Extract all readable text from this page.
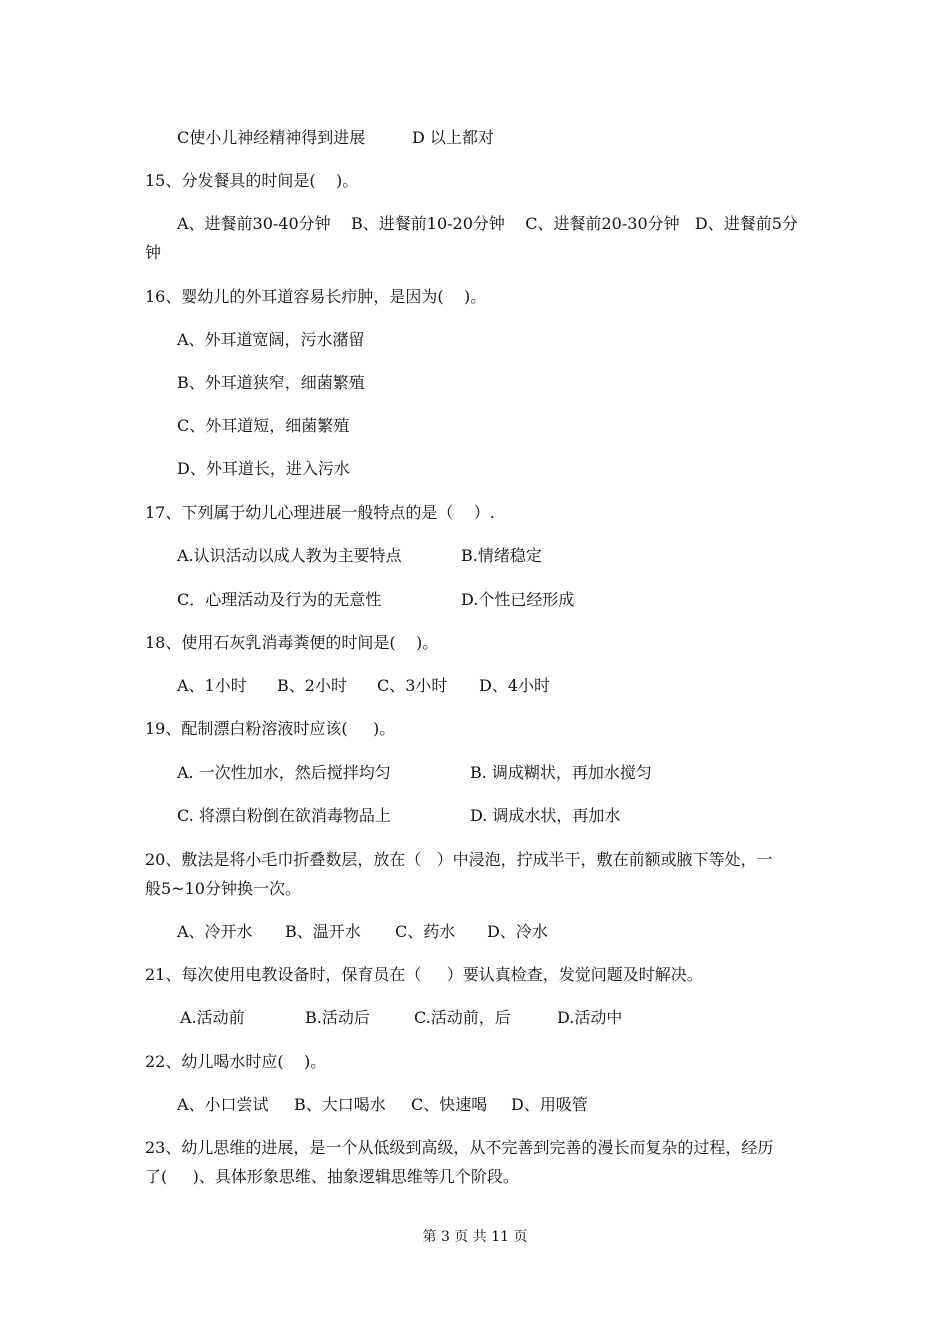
C使小儿神经精神得到进展	D 以上都对

15、分发餐具的时间是(    )。

A、进餐前30-40分钟    B、进餐前10-20分钟    C、进餐前20-30分钟   D、进餐前5分

钟

16、婴幼儿的外耳道容易长疖肿，是因为(    )。

A、外耳道宽阔，污水潴留

B、外耳道狭窄，细菌繁殖

C、外耳道短，细菌繁殖

D、外耳道长，进入污水

17、下列属于幼儿心理进展一般特点的是（    ）.

A.认识活动以成人教为主要特点	B.情绪稳定
C．心理活动及行为的无意性	D.个性已经形成

18、使用石灰乳消毒粪便的时间是(    )。

A、1小时 B、2小时 C、3小时 D、4小时

19、配制漂白粉溶液时应该(     )。

A. 一次性加水，然后搅拌均匀	B. 调成糊状，再加水搅匀
C. 将漂白粉倒在欲消毒物品上	D. 调成水状，再加水

20、敷法是将小毛巾折叠数层，放在（   ）中浸泡，拧成半干，敷在前额或腋下等处，一

般5~10分钟换一次。

A、冷开水 B、温开水 C、药水 D、冷水

21、每次使用电教设备时，保育员在（     ）要认真检查，发觉问题及时解决。

A.活动前	B.活动后	C.活动前，后	D.活动中

22、幼儿喝水时应(    )。

A、小口尝试 B、大口喝水 C、快速喝 D、用吸管

23、幼儿思维的进展，是一个从低级到高级，从不完善到完善的漫长而复杂的过程，经历

了(     )、具体形象思维、抽象逻辑思维等几个阶段。

第 3 页 共 11 页
